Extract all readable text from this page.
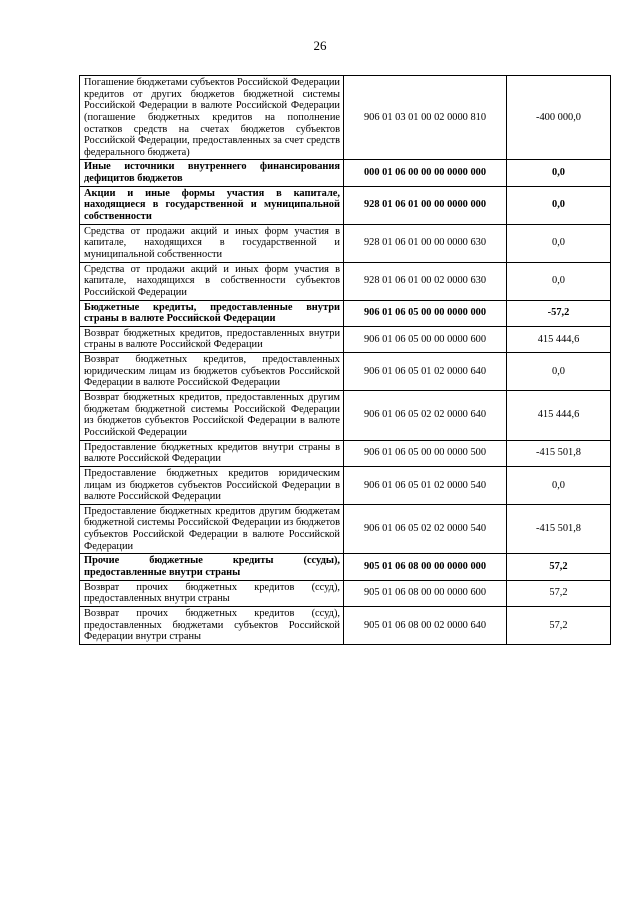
26
Погашение бюджетами субъектов Российской Федерации кредитов от других бюджетов бюджетной системы Российской Федерации в валюте Российской Федерации (погашение бюджетных кредитов на пополнение остатков средств на счетах бюджетов субъектов Российской Федерации, предоставленных за счет средств федерального бюджета)	906 01 03 01 00 02 0000 810	-400 000,0
Иные источники внутреннего финансирования дефицитов бюджетов	000 01 06 00 00 00 0000 000	0,0
Акции и иные формы участия в капитале, находящиеся в государственной и муниципальной собственности	928 01 06 01 00 00 0000 000	0,0
Средства от продажи акций и иных форм участия в капитале, находящихся в государственной и муниципальной собственности	928 01 06 01 00 00 0000 630	0,0
Средства от продажи акций и иных форм участия в капитале, находящихся в собственности субъектов Российской Федерации	928 01 06 01 00 02 0000 630	0,0
Бюджетные кредиты, предоставленные внутри страны в валюте Российской Федерации	906 01 06 05 00 00 0000 000	-57,2
Возврат бюджетных кредитов, предоставленных внутри страны в валюте Российской Федерации	906 01 06 05 00 00 0000 600	415 444,6
Возврат бюджетных кредитов, предоставленных юридическим лицам из бюджетов субъектов Российской Федерации в валюте Российской Федерации	906 01 06 05 01 02 0000 640	0,0
Возврат бюджетных кредитов, предоставленных другим бюджетам бюджетной системы Российской Федерации из бюджетов субъектов Российской Федерации в валюте Российской Федерации	906 01 06 05 02 02 0000 640	415 444,6
Предоставление бюджетных кредитов внутри страны в валюте Российской Федерации	906 01 06 05 00 00 0000 500	-415 501,8
Предоставление бюджетных кредитов юридическим лицам из бюджетов субъектов Российской Федерации в валюте Российской Федерации	906 01 06 05 01 02 0000 540	0,0
Предоставление бюджетных кредитов другим бюджетам бюджетной системы Российской Федерации из бюджетов субъектов Российской Федерации в валюте Российской Федерации	906 01 06 05 02 02 0000 540	-415 501,8
Прочие бюджетные кредиты (ссуды), предоставленные внутри страны	905 01 06 08 00 00 0000 000	57,2
Возврат прочих бюджетных кредитов (ссуд), предоставленных внутри страны	905 01 06 08 00 00 0000 600	57,2
Возврат прочих бюджетных кредитов (ссуд), предоставленных бюджетами субъектов Российской Федерации внутри страны	905 01 06 08 00 02 0000 640	57,2
